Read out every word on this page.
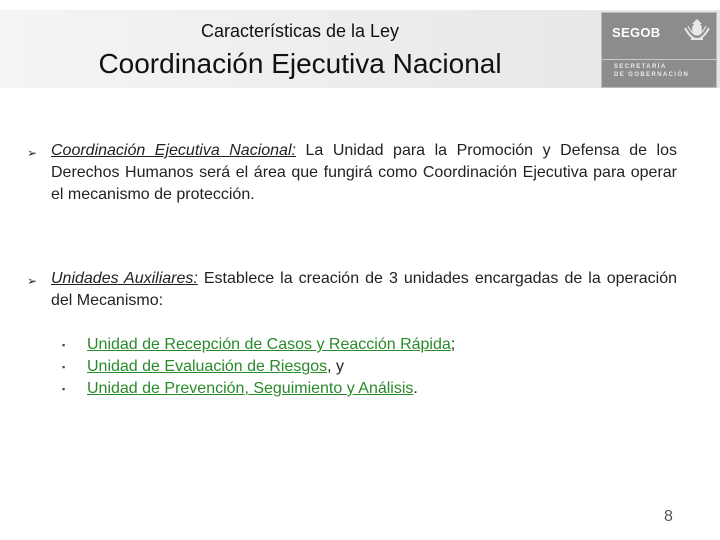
Características de la Ley
Coordinación Ejecutiva Nacional
SEGOB
SECRETARÍA
DE GOBERNACIÓN
➢ Coordinación Ejecutiva Nacional: La Unidad para la Promoción y Defensa de los Derechos Humanos será el área que fungirá como Coordinación Ejecutiva para operar el mecanismo de protección.
➢ Unidades Auxiliares: Establece la creación de 3 unidades encargadas de la operación del Mecanismo:
▪ Unidad de Recepción de Casos y Reacción Rápida;
▪ Unidad de Evaluación de Riesgos, y
▪ Unidad de Prevención, Seguimiento y Análisis.
8
